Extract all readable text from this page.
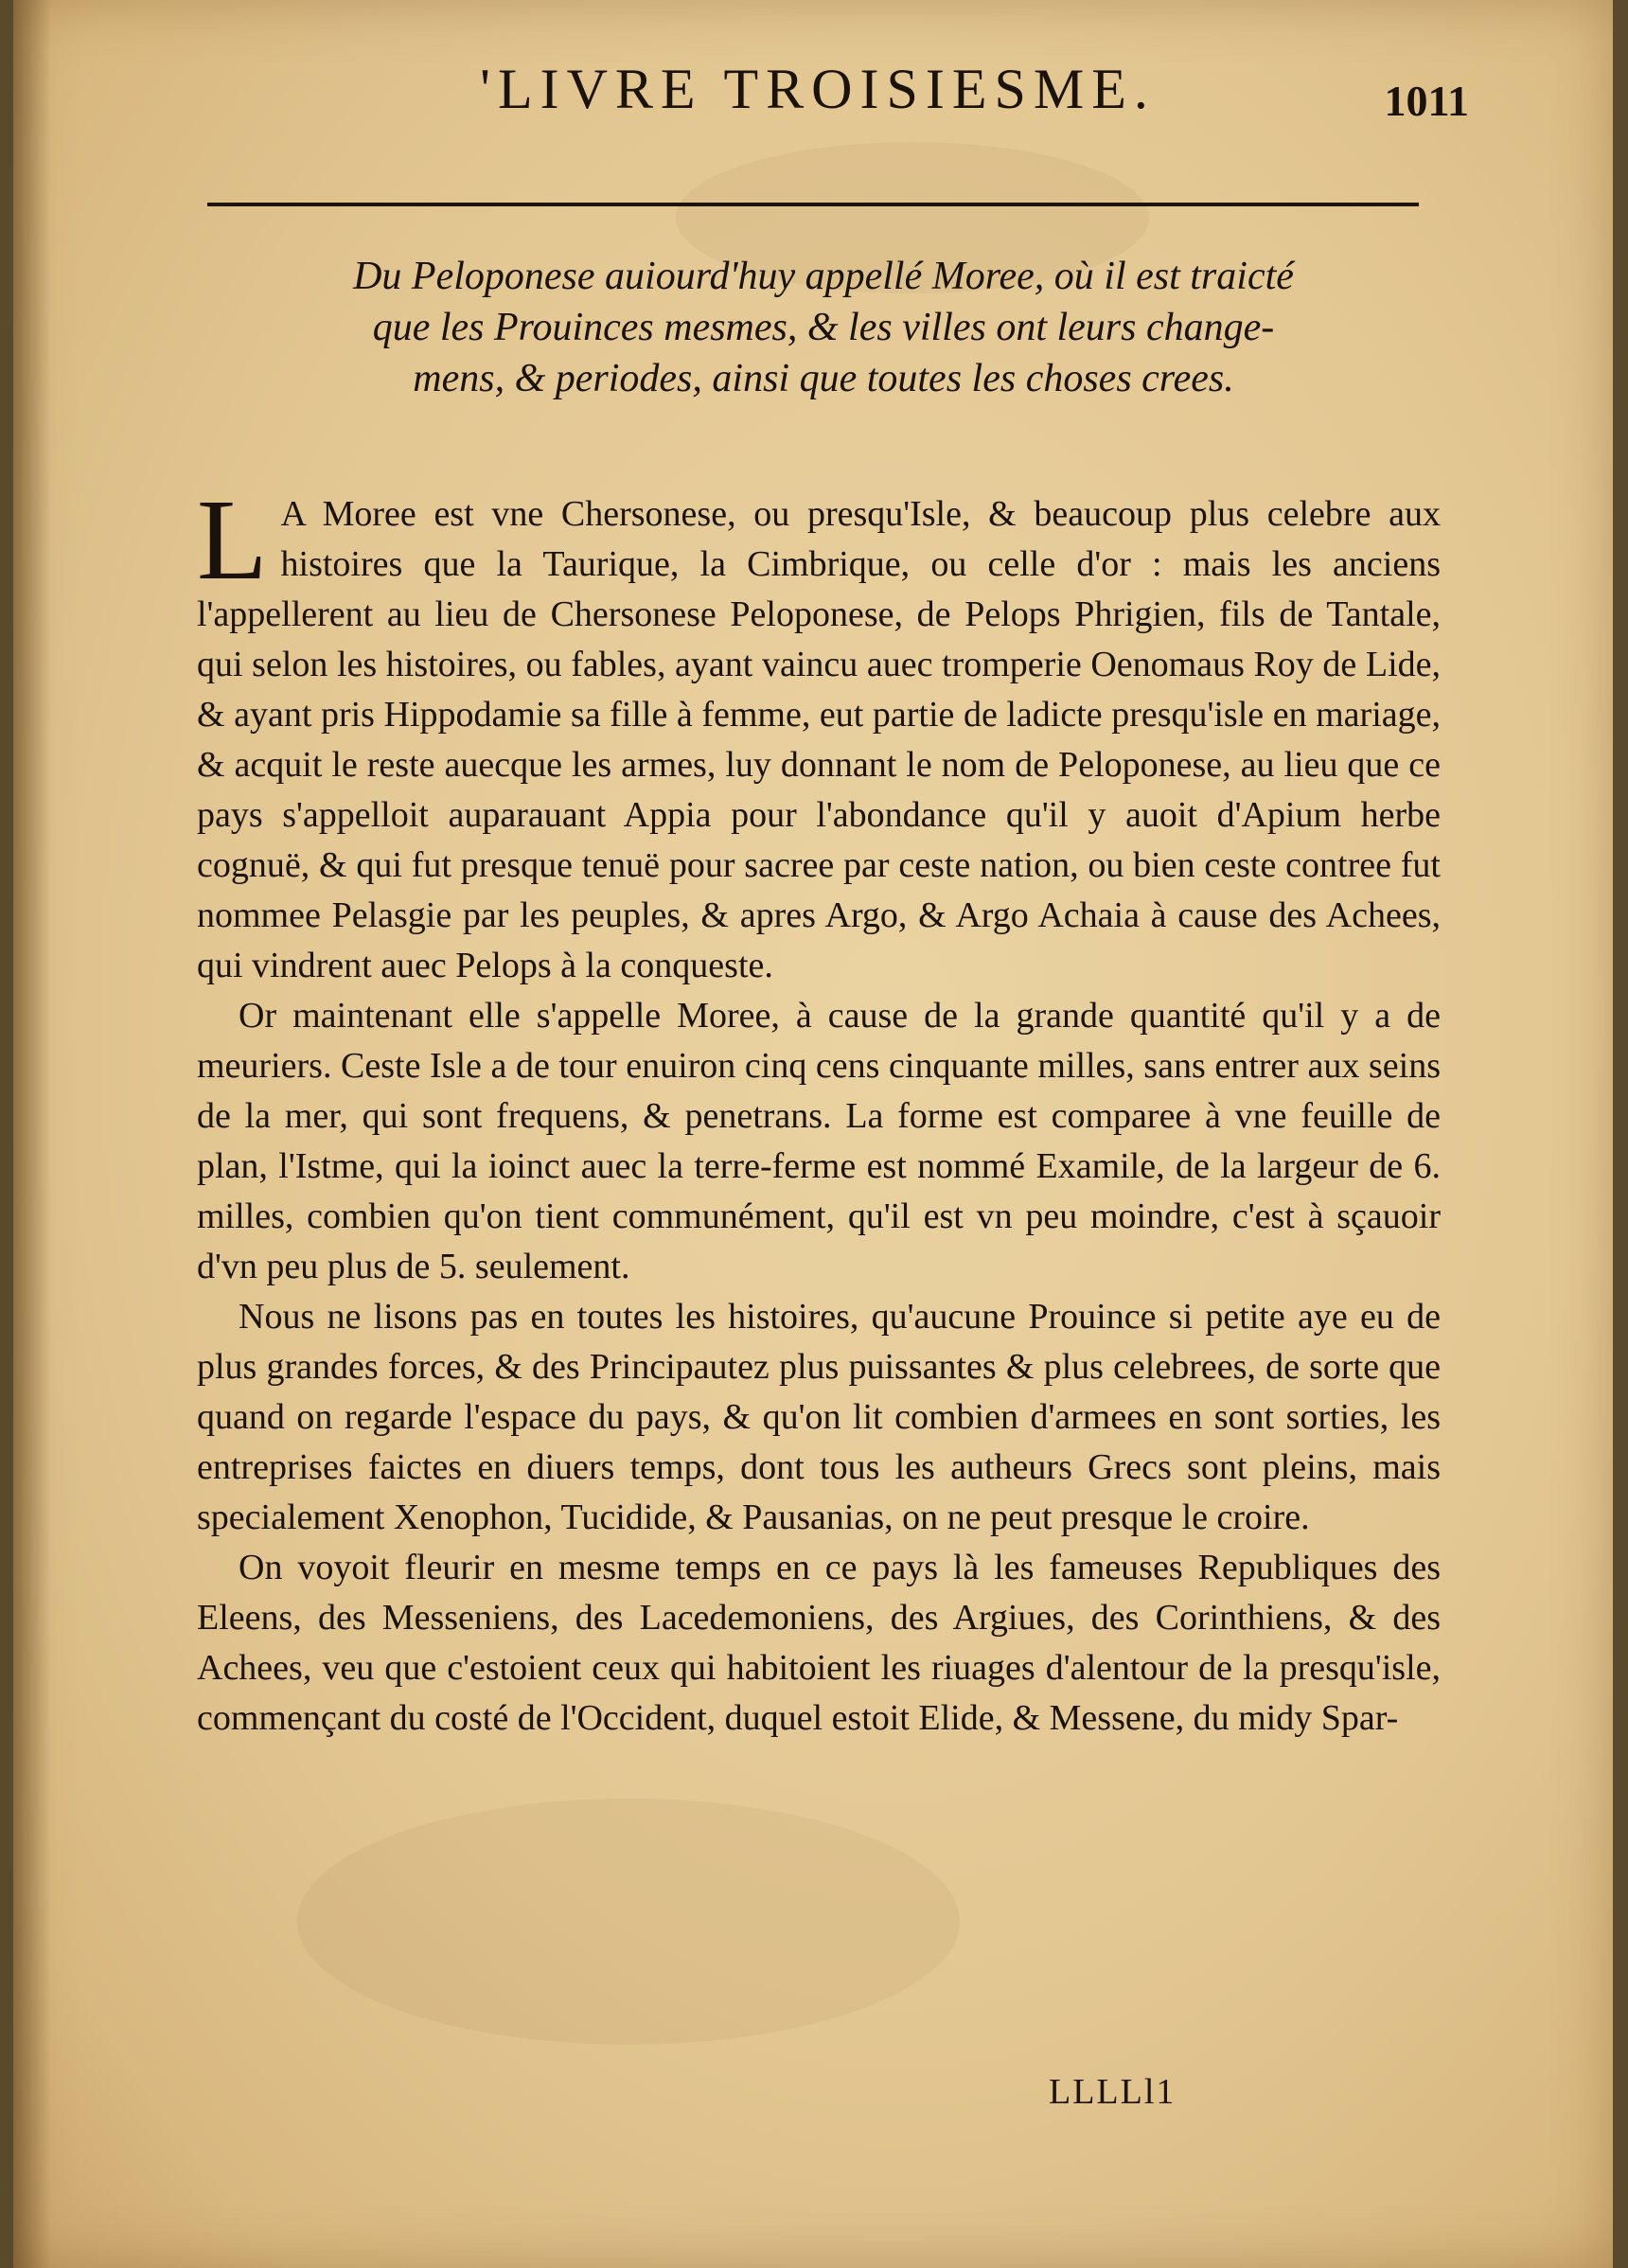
'LIVRE TROISIESME.	1011
Du Peloponese auiourd'huy appellé Moree, où il est traicté
que les Prouinces mesmes, & les villes ont leurs change-
mens, & periodes, ainsi que toutes les choses crees.

L A Moree est vne Chersonese, ou presqu'Isle, & beaucoup plus celebre aux histoires que la Taurique, la Cimbrique, ou celle d'or : mais les anciens l'appellerent au lieu de Chersonese Peloponese, de Pelops Phrigien, fils de Tantale, qui selon les histoires, ou fables, ayant vaincu auec tromperie Oenomaus Roy de Lide, & ayant pris Hippodamie sa fille à femme, eut partie de ladicte presqu'isle en mariage, & acquit le reste auecque les armes, luy donnant le nom de Peloponese, au lieu que ce pays s'appelloit auparauant Appia pour l'abondance qu'il y auoit d'Apium herbe cognuë, & qui fut presque tenuë pour sacree par ceste nation, ou bien ceste contree fut nommee Pelasgie par les peuples, & apres Argo, & Argo Achaia à cause des Achees, qui vindrent auec Pelops à la conqueste.

Or maintenant elle s'appelle Moree, à cause de la grande quantité qu'il y a de meuriers. Ceste Isle a de tour enuiron cinq cens cinquante milles, sans entrer aux seins de la mer, qui sont frequens, & penetrans. La forme est comparee à vne feuille de plan, l'Istme, qui la ioinct auec la terre-ferme est nommé Examile, de la largeur de 6. milles, combien qu'on tient communément, qu'il est vn peu moindre, c'est à sçauoir d'vn peu plus de 5. seulement.

Nous ne lisons pas en toutes les histoires, qu'aucune Prouince si petite aye eu de plus grandes forces, & des Principautez plus puissantes & plus celebrees, de sorte que quand on regarde l'espace du pays, & qu'on lit combien d'armees en sont sorties, les entreprises faictes en diuers temps, dont tous les autheurs Grecs sont pleins, mais specialement Xenophon, Tucidide, & Pausanias, on ne peut presque le croire.

On voyoit fleurir en mesme temps en ce pays là les fameuses Republiques des Eleens, des Messeniens, des Lacedemoniens, des Argiues, des Corinthiens, & des Achees, veu que c'estoient ceux qui habitoient les riuages d'alentour de la presqu'isle, commençant du costé de l'Occident, duquel estoit Elide, & Messene, du midy Spar-

LLLLl1
